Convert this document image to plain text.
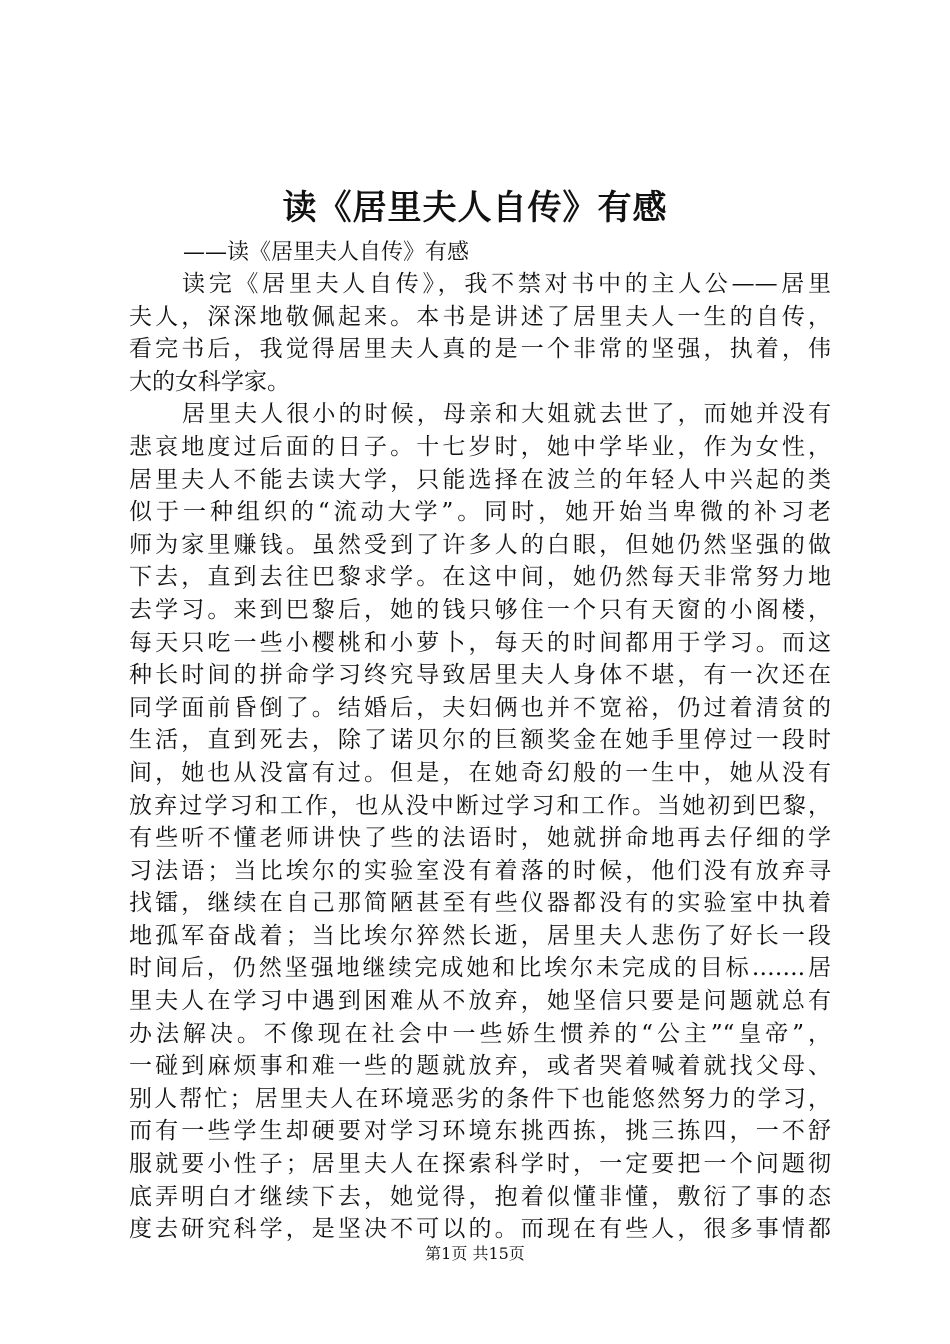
读《居里夫人自传》有感
——读《居里夫人自传》有感
读完《居里夫人自传》，我不禁对书中的主人公——居里
夫人，深深地敬佩起来。本书是讲述了居里夫人一生的自传，
看完书后，我觉得居里夫人真的是一个非常的坚强，执着，伟
大的女科学家。
居里夫人很小的时候，母亲和大姐就去世了，而她并没有
悲哀地度过后面的日子。十七岁时，她中学毕业，作为女性，
居里夫人不能去读大学，只能选择在波兰的年轻人中兴起的类
似于一种组织的“流动大学”。同时，她开始当卑微的补习老
师为家里赚钱。虽然受到了许多人的白眼，但她仍然坚强的做
下去，直到去往巴黎求学。在这中间，她仍然每天非常努力地
去学习。来到巴黎后，她的钱只够住一个只有天窗的小阁楼，
每天只吃一些小樱桃和小萝卜，每天的时间都用于学习。而这
种长时间的拼命学习终究导致居里夫人身体不堪，有一次还在
同学面前昏倒了。结婚后，夫妇俩也并不宽裕，仍过着清贫的
生活，直到死去，除了诺贝尔的巨额奖金在她手里停过一段时
间，她也从没富有过。但是，在她奇幻般的一生中，她从没有
放弃过学习和工作，也从没中断过学习和工作。当她初到巴黎，
有些听不懂老师讲快了些的法语时，她就拼命地再去仔细的学
习法语；当比埃尔的实验室没有着落的时候，他们没有放弃寻
找镭，继续在自己那简陋甚至有些仪器都没有的实验室中执着
地孤军奋战着；当比埃尔猝然长逝，居里夫人悲伤了好长一段
时间后，仍然坚强地继续完成她和比埃尔未完成的目标…….居
里夫人在学习中遇到困难从不放弃，她坚信只要是问题就总有
办法解决。不像现在社会中一些娇生惯养的“公主”“皇帝”，
一碰到麻烦事和难一些的题就放弃，或者哭着喊着就找父母、
别人帮忙；居里夫人在环境恶劣的条件下也能悠然努力的学习，
而有一些学生却硬要对学习环境东挑西拣，挑三拣四，一不舒
服就要小性子；居里夫人在探索科学时，一定要把一个问题彻
底弄明白才继续下去，她觉得，抱着似懂非懂，敷衍了事的态
度去研究科学，是坚决不可以的。而现在有些人，很多事情都
第1页 共15页
